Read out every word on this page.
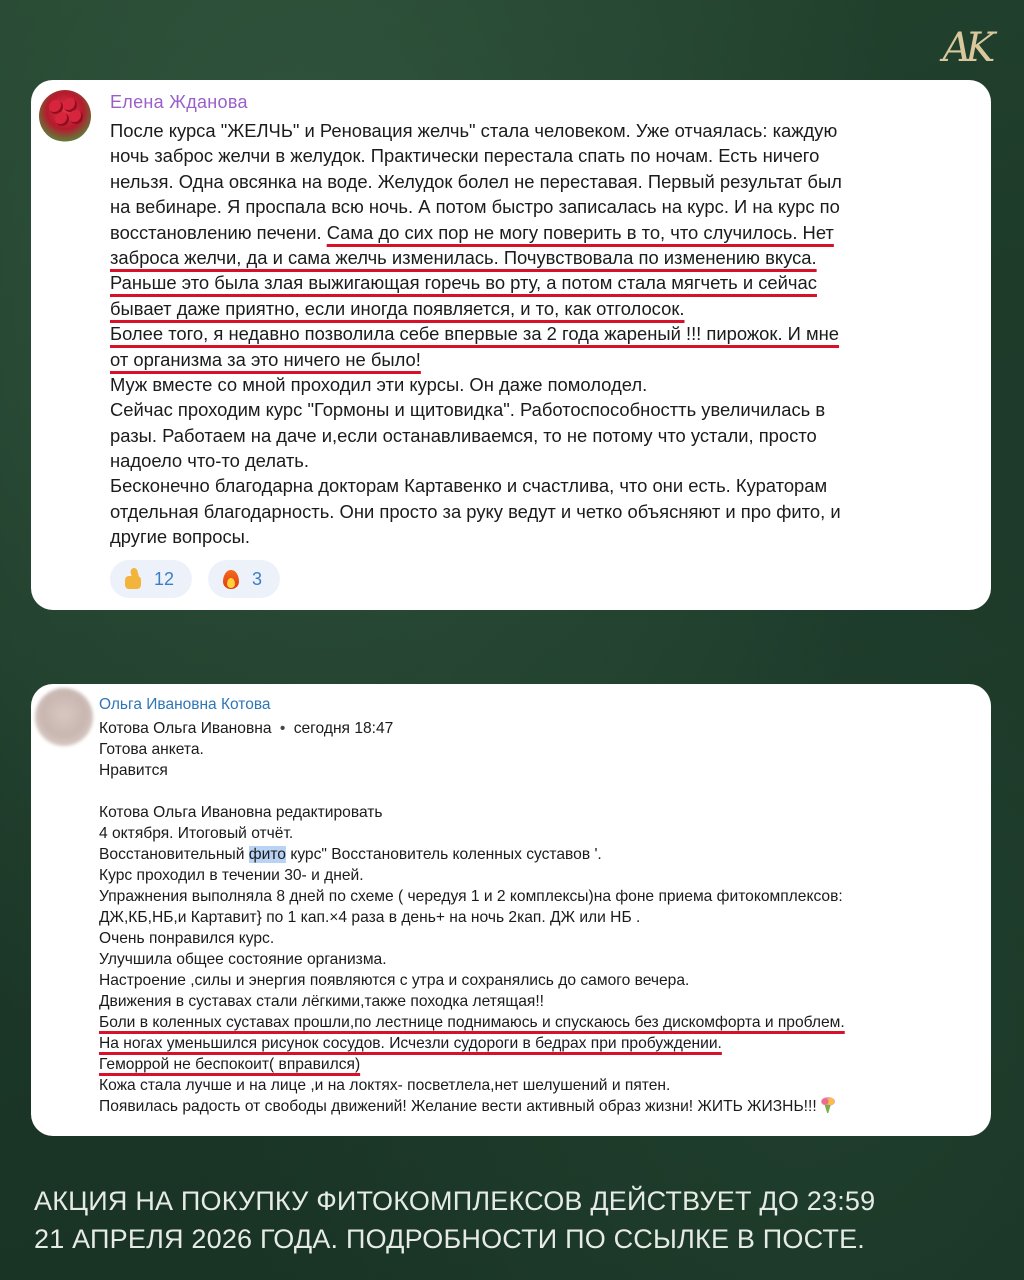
AK
Елена Жданова
После курса "ЖЕЛЧЬ" и Реновация желчь" стала человеком. Уже отчаялась: каждую
ночь заброс желчи в желудок. Практически перестала спать по ночам. Есть ничего
нельзя. Одна овсянка на воде. Желудок болел не переставая. Первый результат был
на вебинаре. Я проспала всю ночь. А потом быстро записалась на курс. И на курс по
восстановлению печени. Сама до сих пор не могу поверить в то, что случилось. Нет
заброса желчи, да и сама желчь изменилась. Почувствовала по изменению вкуса.
Раньше это была злая выжигающая горечь во рту, а потом стала мягчеть и сейчас
бывает даже приятно, если иногда появляется, и то, как отголосок.
Более того, я недавно позволила себе впервые за 2 года жареный !!! пирожок. И мне
от организма за это ничего не было!
Муж вместе со мной проходил эти курсы. Он даже помолодел.
Сейчас проходим курс "Гормоны и щитовидка". Работоспособностть увеличилась в
разы. Работаем на даче и,если останавливаемся, то не потому что устали, просто
надоело что-то делать.
Бесконечно благодарна докторам Картавенко и счастлива, что они есть. Кураторам
отдельная благодарность. Они просто за руку ведут и четко объясняют и про фито, и
другие вопросы.
12	3
Ольга Ивановна Котова
Котова Ольга Ивановна • сегодня 18:47
Готова анкета.
Нравится
Котова Ольга Ивановна редактировать
4 октября. Итоговый отчёт.
Восстановительный фито курс" Восстановитель коленных суставов '.
Курс проходил в течении 30- и дней.
Упражнения выполняла 8 дней по схеме ( чередуя 1 и 2 комплексы)на фоне приема фитокомплексов:
ДЖ,КБ,НБ,и Картавит} по 1 кап.×4 раза в день+ на ночь 2кап. ДЖ или НБ .
Очень понравился курс.
Улучшила общее состояние организма.
Настроение ,силы и энергия появляются с утра и сохранялись до самого вечера.
Движения в суставах стали лёгкими,также походка летящая!!
Боли в коленных суставах прошли,по лестнице поднимаюсь и спускаюсь без дискомфорта и проблем.
На ногах уменьшился рисунок сосудов. Исчезли судороги в бедрах при пробуждении.
Геморрой не беспокоит( вправился)
Кожа стала лучше и на лице ,и на локтях- посветлела,нет шелушений и пятен.
Появилась радость от свободы движений! Желание вести активный образ жизни! ЖИТЬ ЖИЗНЬ!!!
АКЦИЯ НА ПОКУПКУ ФИТОКОМПЛЕКСОВ ДЕЙСТВУЕТ ДО 23:59
21 АПРЕЛЯ 2026 ГОДА. ПОДРОБНОСТИ ПО ССЫЛКЕ В ПОСТЕ.
